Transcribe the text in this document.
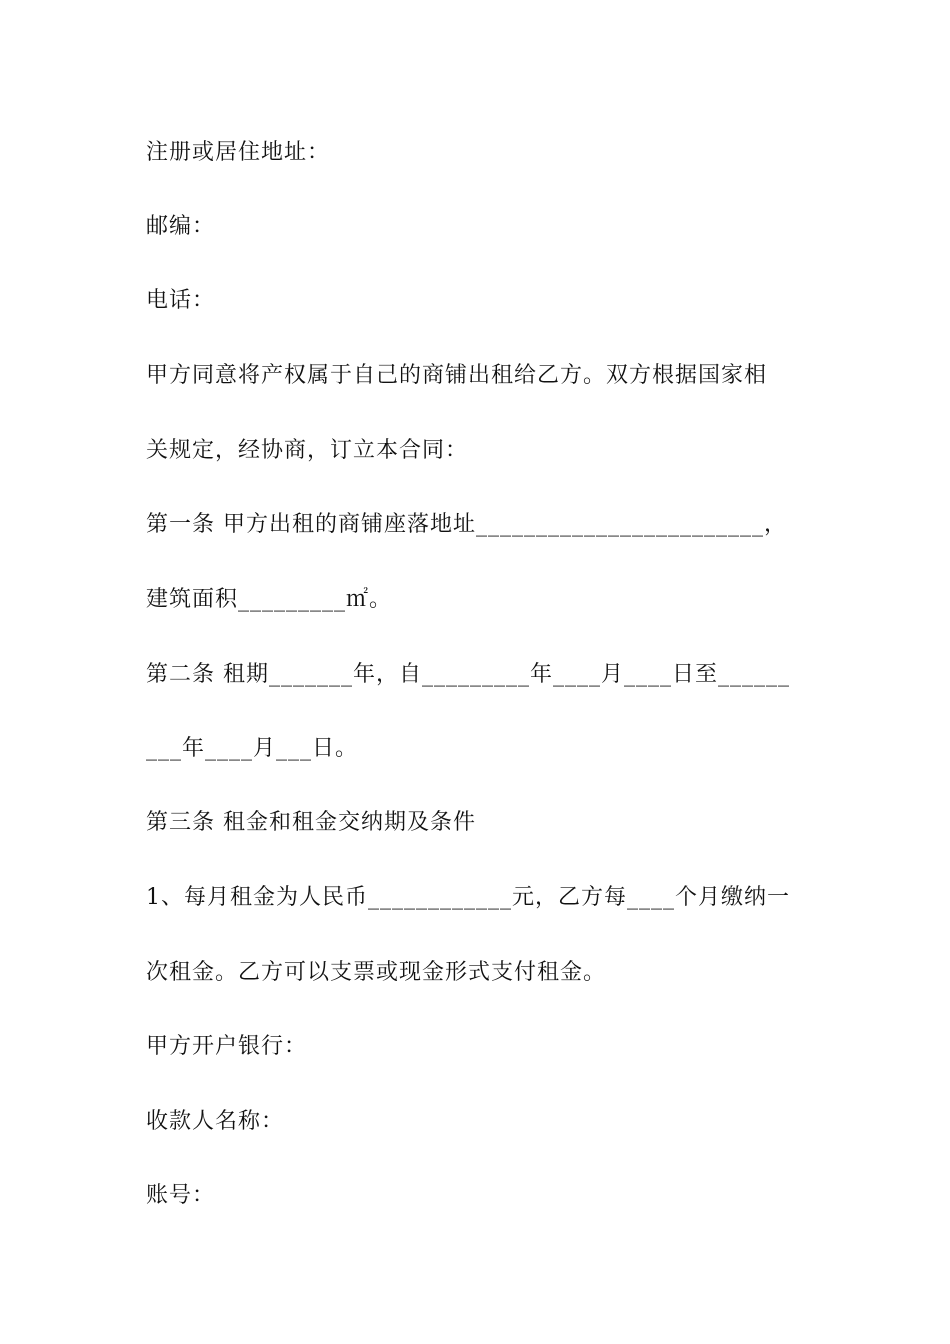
注册或居住地址：

邮编：

电话：

甲方同意将产权属于自己的商铺出租给乙方。双方根据国家相

关规定，经协商，订立本合同：

第一条 甲方出租的商铺座落地址________________________，

建筑面积_________㎡。

第二条 租期_______年，自_________年____月____日至______

___年____月___日。

第三条 租金和租金交纳期及条件

1、每月租金为人民币____________元，乙方每____个月缴纳一

次租金。乙方可以支票或现金形式支付租金。

甲方开户银行：

收款人名称：

账号：
